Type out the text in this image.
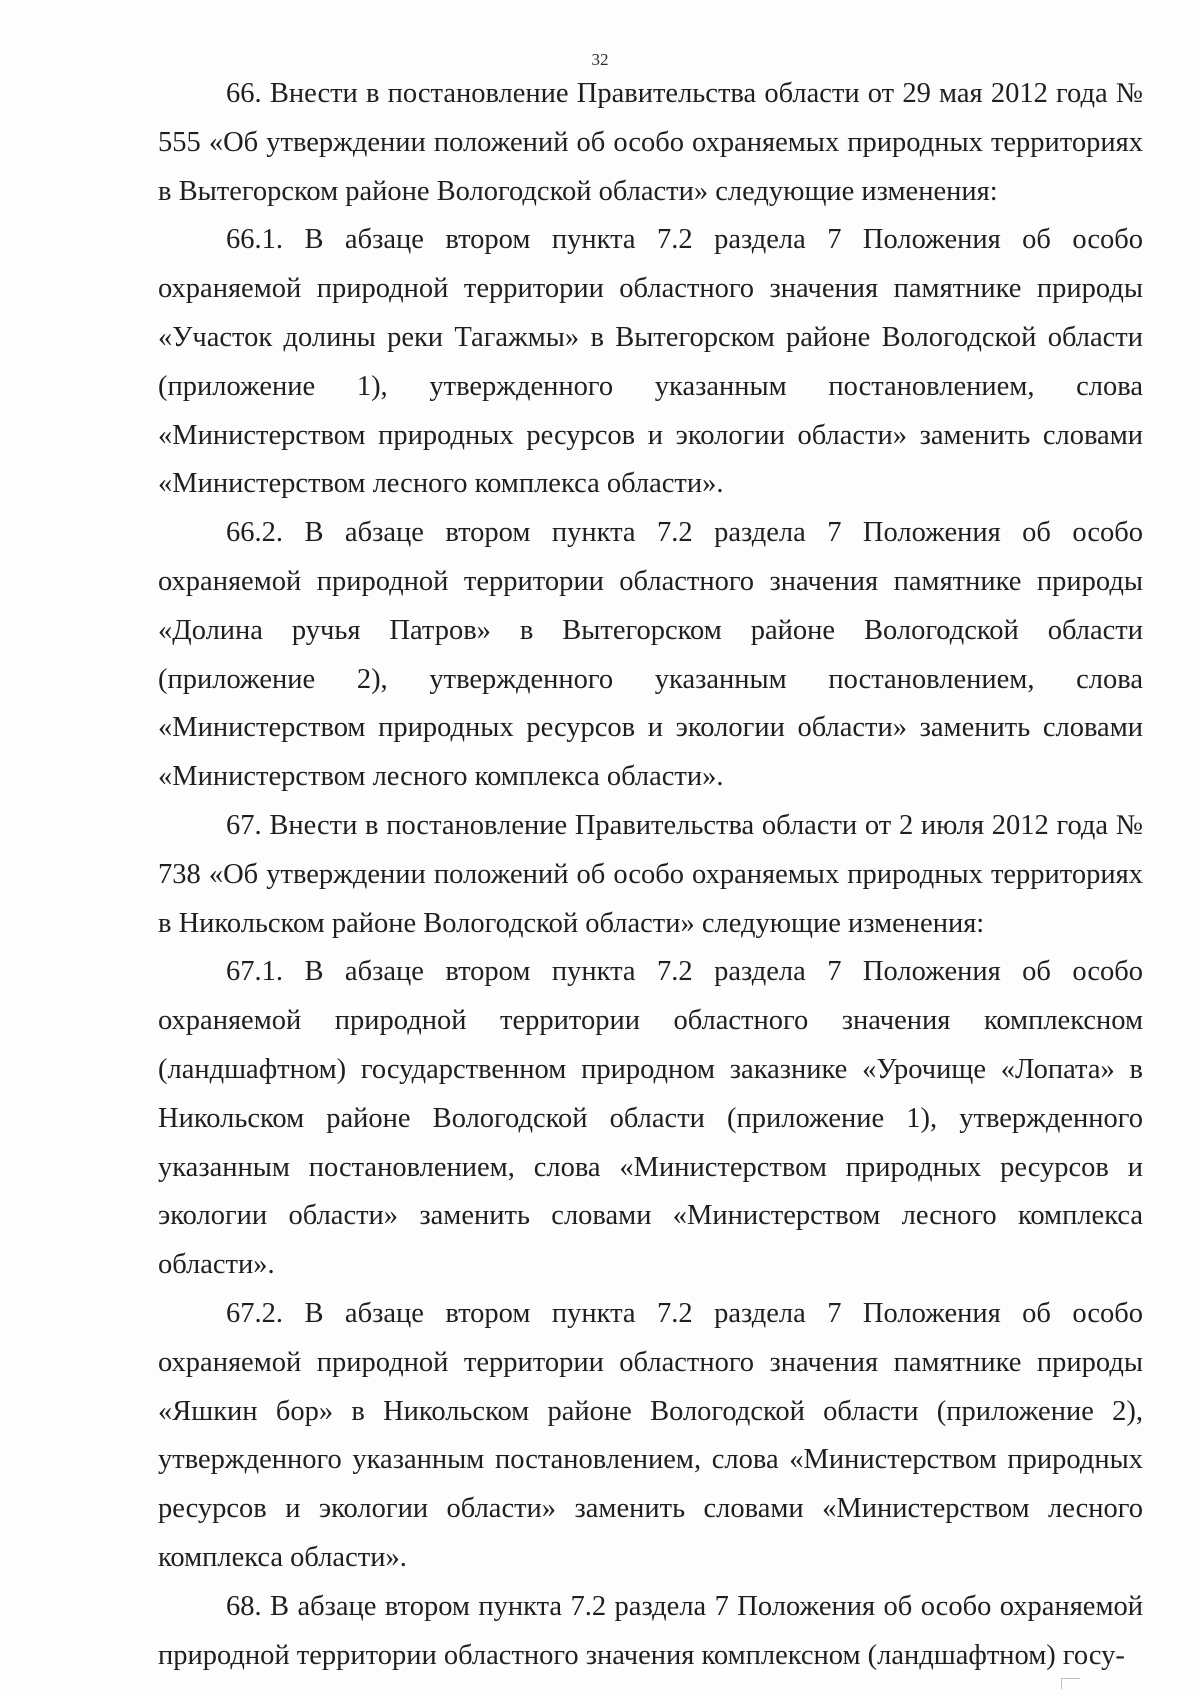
32

66. Внести в постановление Правительства области от 29 мая 2012 года № 555 «Об утверждении положений об особо охраняемых природных территориях в Вытегорском районе Вологодской области» следующие изменения:

66.1. В абзаце втором пункта 7.2 раздела 7 Положения об особо охраняемой природной территории областного значения памятнике природы «Участок долины реки Тагажмы» в Вытегорском районе Вологодской области (приложение 1), утвержденного указанным постановлением, слова «Министерством природных ресурсов и экологии области» заменить словами «Министерством лесного комплекса области».

66.2. В абзаце втором пункта 7.2 раздела 7 Положения об особо охраняемой природной территории областного значения памятнике природы «Долина ручья Патров» в Вытегорском районе Вологодской области (приложение 2), утвержденного указанным постановлением, слова «Министерством природных ресурсов и экологии области» заменить словами «Министерством лесного комплекса области».

67. Внести в постановление Правительства области от 2 июля 2012 года № 738 «Об утверждении положений об особо охраняемых природных территориях в Никольском районе Вологодской области» следующие изменения:

67.1. В абзаце втором пункта 7.2 раздела 7 Положения об особо охраняемой природной территории областного значения комплексном (ландшафтном) государственном природном заказнике «Урочище «Лопата» в Никольском районе Вологодской области (приложение 1), утвержденного указанным постановлением, слова «Министерством природных ресурсов и экологии области» заменить словами «Министерством лесного комплекса области».

67.2. В абзаце втором пункта 7.2 раздела 7 Положения об особо охраняемой природной территории областного значения памятнике природы «Яшкин бор» в Никольском районе Вологодской области (приложение 2), утвержденного указанным постановлением, слова «Министерством природных ресурсов и экологии области» заменить словами «Министерством лесного комплекса области».

68. В абзаце втором пункта 7.2 раздела 7 Положения об особо охраняемой природной территории областного значения комплексном (ландшафтном) госу-
